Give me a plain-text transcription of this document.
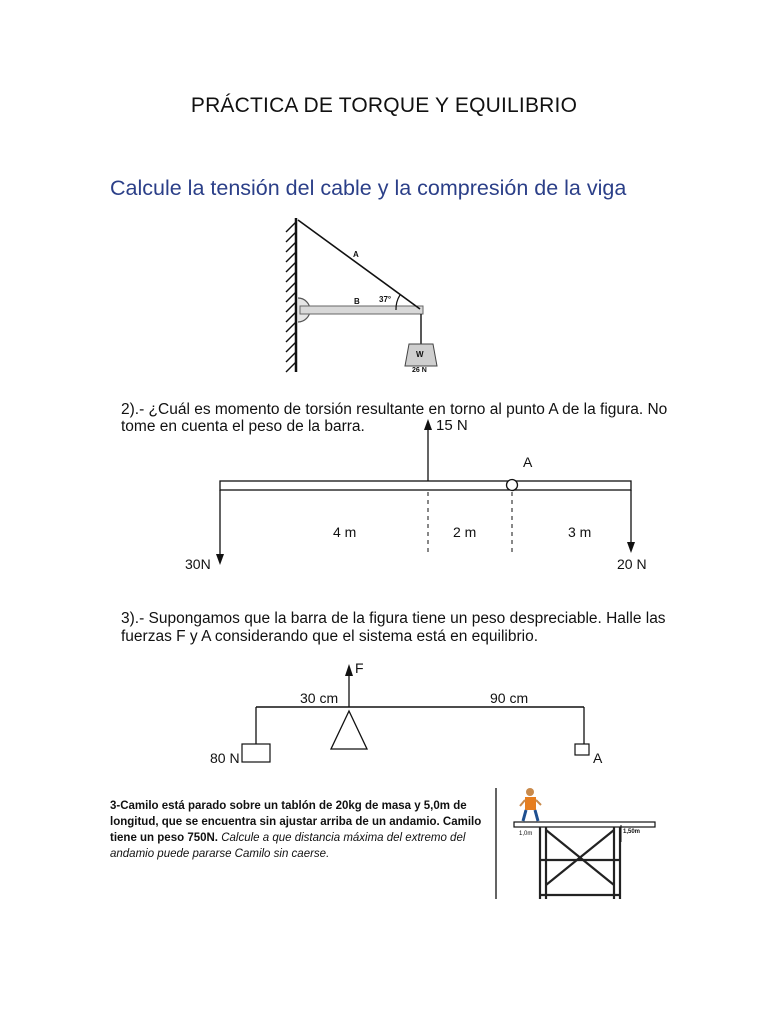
PRÁCTICA DE TORQUE Y EQUILIBRIO
Calcule la tensión del cable y la compresión de la viga
A
B 37°
W
26 N
2).- ¿Cuál es momento de torsión resultante en torno al punto A de la figura. No
tome en cuenta el peso de la barra.	15 N
A
4 m	2 m	3 m
30N	20 N
3).- Supongamos que la barra de la figura tiene un peso despreciable. Halle las
fuerzas F y A considerando que el sistema está en equilibrio.
F
30 cm	90 cm
80 N	A
3-Camilo está parado sobre un tablón de 20kg de masa y 5,0m de longitud, que se encuentra sin ajustar arriba de un andamio. Camilo tiene un peso 750N. Calcule a que distancia máxima del extremo del andamio puede pararse Camilo sin caerse.
1,0m	1,50m
